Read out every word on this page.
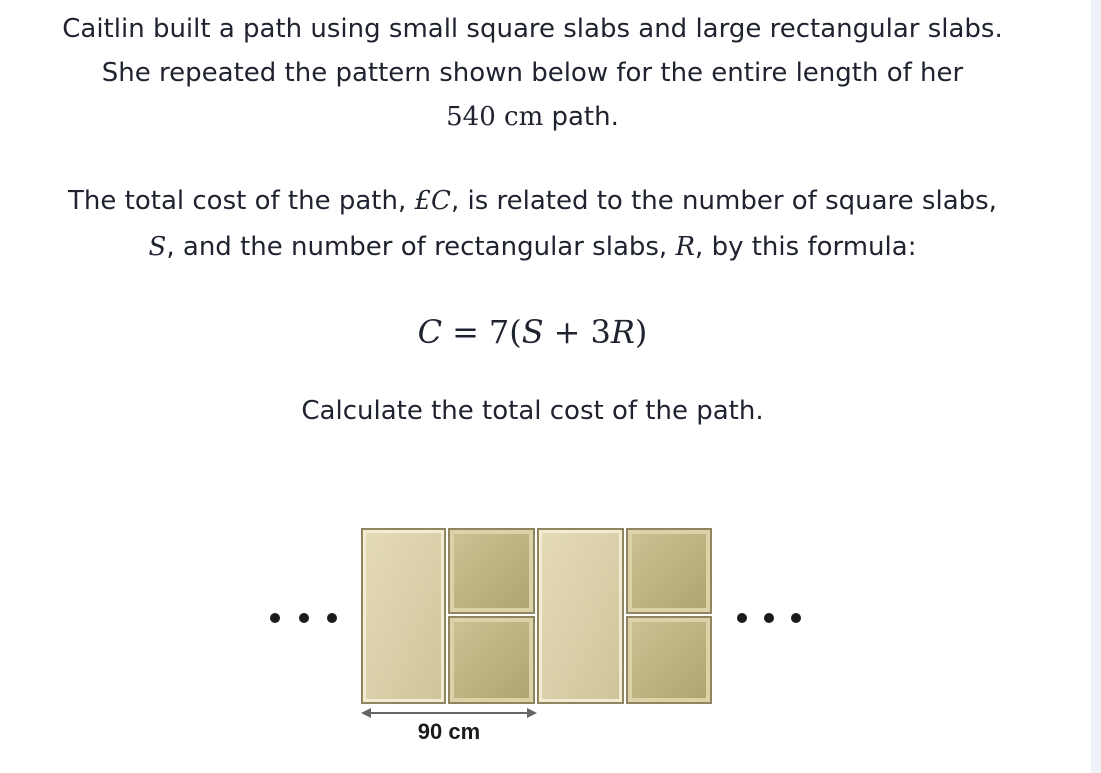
Caitlin built a path using small square slabs and large rectangular slabs.
She repeated the pattern shown below for the entire length of her
540 cm path.
The total cost of the path, £C, is related to the number of square slabs,
S, and the number of rectangular slabs, R, by this formula:
C = 7(S + 3R)
Calculate the total cost of the path.
90 cm
